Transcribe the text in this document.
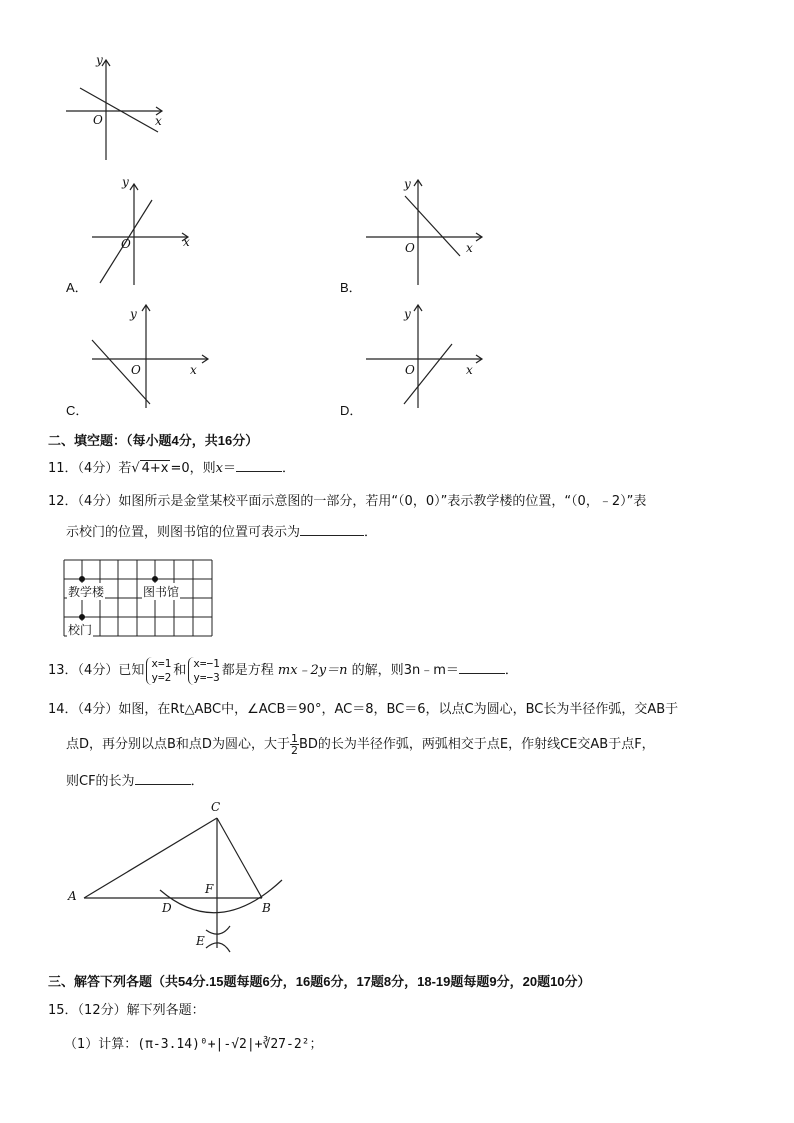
y
x
O
y
x
O
y
x
O
y
x
O
y
x
O
C
A	F
D	B
E
A．	B．
C．	D．
二、填空题：（每小题4分，共16分）
11．（4分）若√ 4+x =0，则x＝	．
12．（4分）如图所示是金堂某校平面示意图的一部分，若用“（0，0）”表示教学楼的位置，“（0，﹣2）”表
示校门的位置，则图书馆的位置可表示为	．
教学楼	图书馆
校门
13．（4分）已知 x=1
y=2 和 x=−1
y=−3 都是方程 mx﹣2y＝n 的解，则3n﹣m＝	．
14．（4分）如图，在Rt△ABC中，∠ACB＝90°，AC＝8，BC＝6，以点C为圆心，BC长为半径作弧，交AB于
点D，再分别以点B和点D为圆心，大于 $\frac{1}{2}$ BD的长为半径作弧，两弧相交于点E，作射线CE交AB于点F，
则CF的长为	．
三、解答下列各题（共54分.15题每题6分，16题6分，17题8分，18-19题每题9分，20题10分）
15．（12分）解下列各题：
（1）计算：(π-3.14)⁰+|-√2|+∛27-2²；
